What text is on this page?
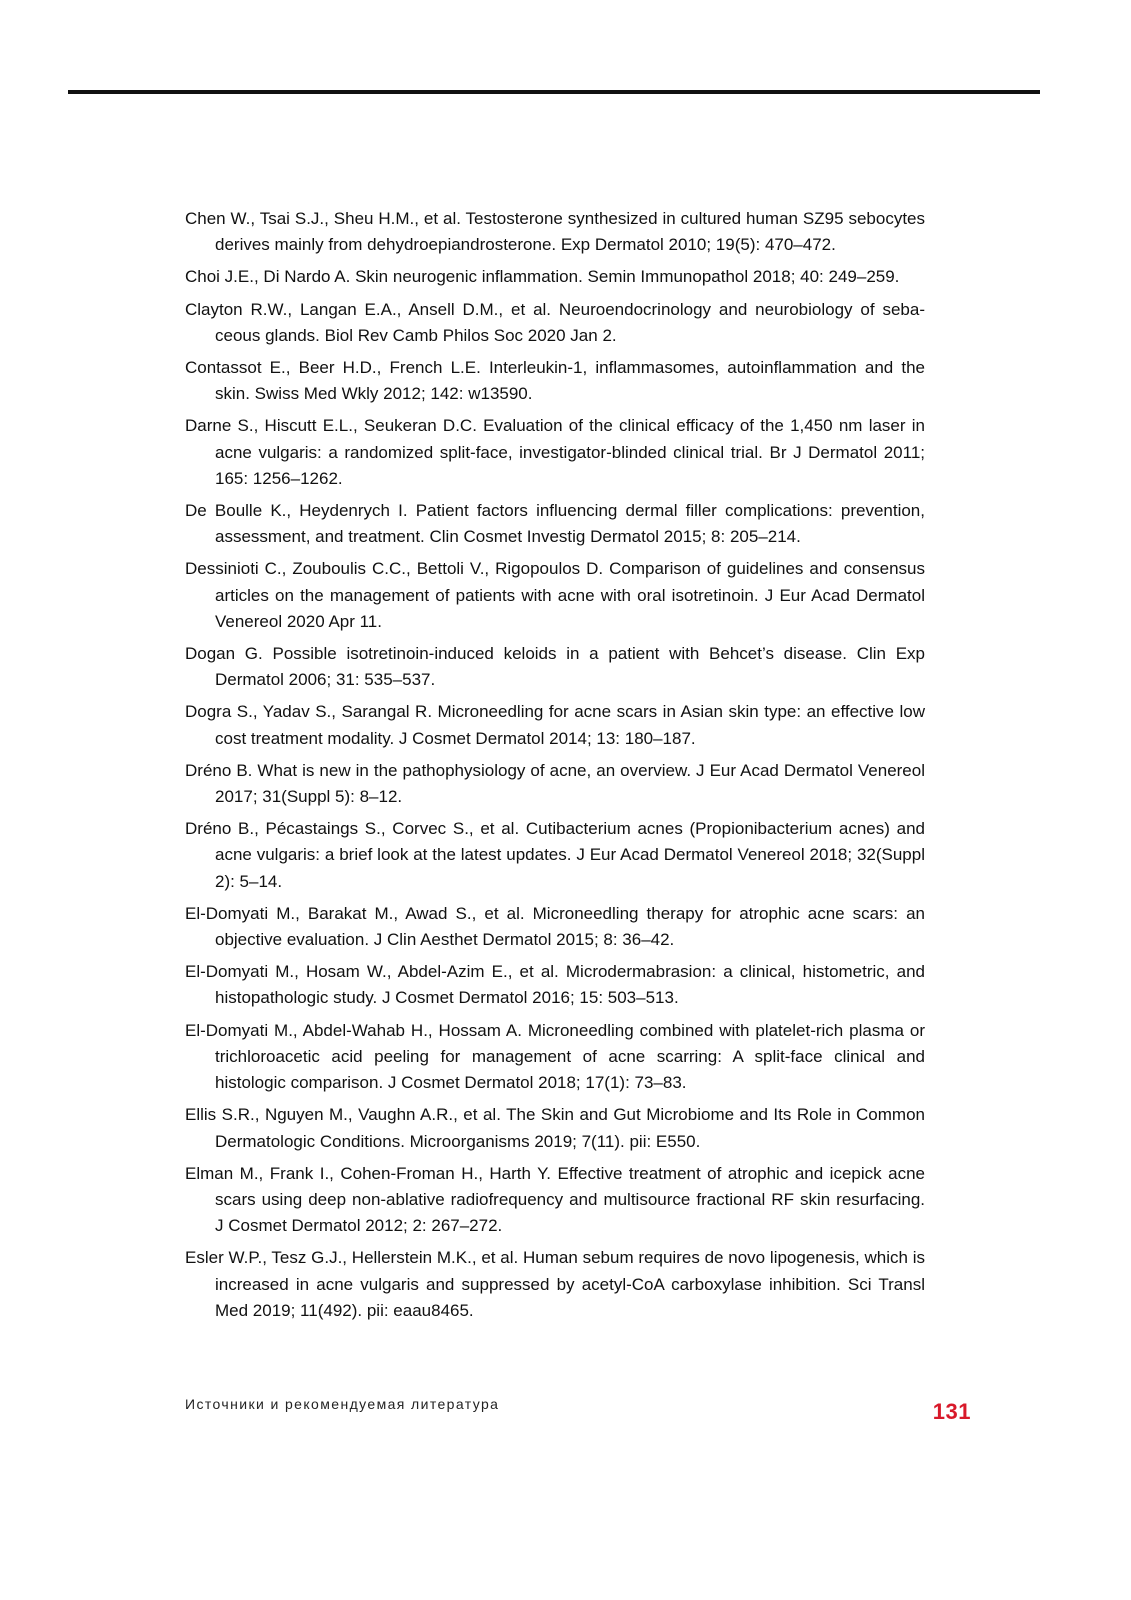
Chen W., Tsai S.J., Sheu H.M., et al. Testosterone synthesized in cultured human SZ95 sebocytes derives mainly from dehydroepiandrosterone. Exp Dermatol 2010; 19(5): 470–472.

Choi J.E., Di Nardo A. Skin neurogenic inflammation. Semin Immunopathol 2018; 40: 249–259.

Clayton R.W., Langan E.A., Ansell D.M., et al. Neuroendocrinology and neurobiology of sebaceous glands. Biol Rev Camb Philos Soc 2020 Jan 2.

Contassot E., Beer H.D., French L.E. Interleukin-1, inflammasomes, autoinflammation and the skin. Swiss Med Wkly 2012; 142: w13590.

Darne S., Hiscutt E.L., Seukeran D.C. Evaluation of the clinical efficacy of the 1,450 nm laser in acne vulgaris: a randomized split-face, investigator-blinded clinical trial. Br J Dermatol 2011; 165: 1256–1262.

De Boulle K., Heydenrych I. Patient factors influencing dermal filler complications: prevention, assessment, and treatment. Clin Cosmet Investig Dermatol 2015; 8: 205–214.

Dessinioti C., Zouboulis C.C., Bettoli V., Rigopoulos D. Comparison of guidelines and consensus articles on the management of patients with acne with oral isotretinoin. J Eur Acad Dermatol Venereol 2020 Apr 11.

Dogan G. Possible isotretinoin-induced keloids in a patient with Behcet’s disease. Clin Exp Dermatol 2006; 31: 535–537.

Dogra S., Yadav S., Sarangal R. Microneedling for acne scars in Asian skin type: an effective low cost treatment modality. J Cosmet Dermatol 2014; 13: 180–187.

Dréno B. What is new in the pathophysiology of acne, an overview. J Eur Acad Dermatol Venereol 2017; 31(Suppl 5): 8–12.

Dréno B., Pécastaings S., Corvec S., et al. Cutibacterium acnes (Propionibacterium acnes) and acne vulgaris: a brief look at the latest updates. J Eur Acad Dermatol Venereol 2018; 32(Suppl 2): 5–14.

El-Domyati M., Barakat M., Awad S., et al. Microneedling therapy for atrophic acne scars: an objective evaluation. J Clin Aesthet Dermatol 2015; 8: 36–42.

El-Domyati M., Hosam W., Abdel-Azim E., et al. Microdermabrasion: a clinical, histometric, and histopathologic study. J Cosmet Dermatol 2016; 15: 503–513.

El-Domyati M., Abdel-Wahab H., Hossam A. Microneedling combined with platelet-rich plasma or trichloroacetic acid peeling for management of acne scarring: A split-face clinical and histologic comparison. J Cosmet Dermatol 2018; 17(1): 73–83.

Ellis S.R., Nguyen M., Vaughn A.R., et al. The Skin and Gut Microbiome and Its Role in Common Dermatologic Conditions. Microorganisms 2019; 7(11). pii: E550.

Elman M., Frank I., Cohen-Froman H., Harth Y. Effective treatment of atrophic and icepick acne scars using deep non-ablative radiofrequency and multisource fractional RF skin resurfacing. J Cosmet Dermatol 2012; 2: 267–272.

Esler W.P., Tesz G.J., Hellerstein M.K., et al. Human sebum requires de novo lipogenesis, which is increased in acne vulgaris and suppressed by acetyl-CoA carboxylase inhibition. Sci Transl Med 2019; 11(492). pii: eaau8465.

Источники и рекомендуемая литература	131
